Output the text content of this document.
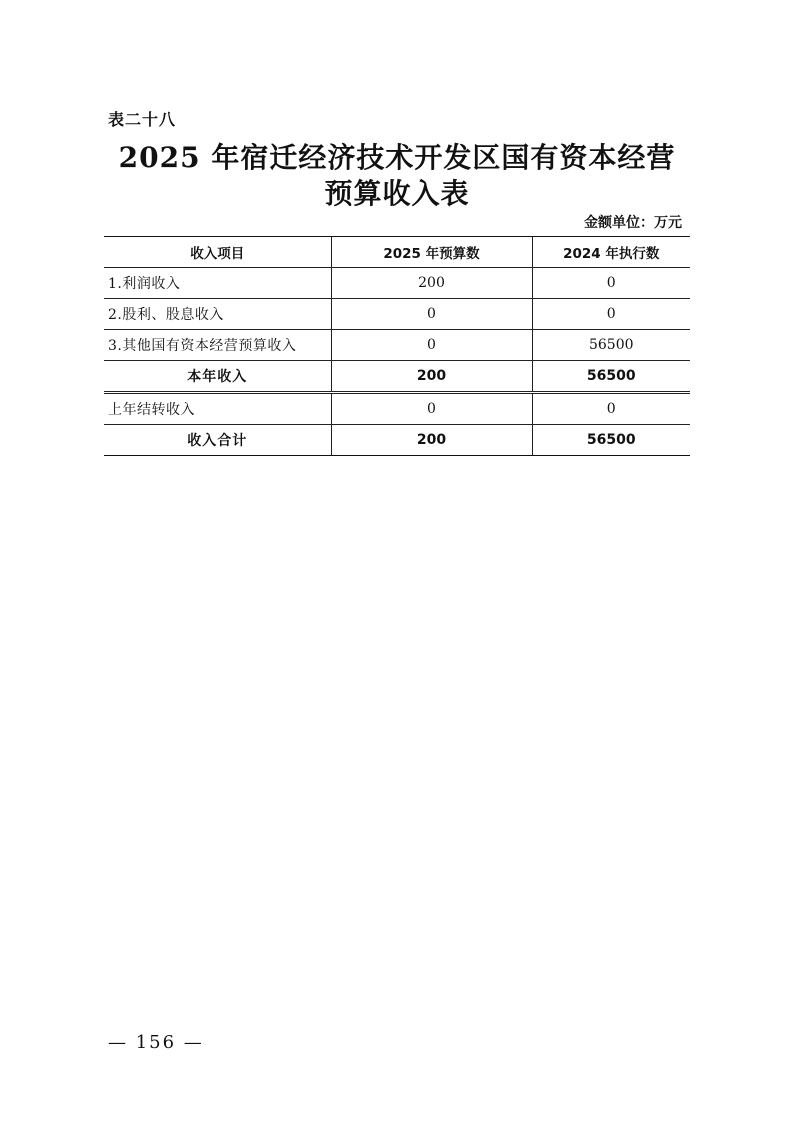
表二十八
2025 年宿迁经济技术开发区国有资本经营
预算收入表
金额单位：万元
收入项目	2025 年预算数	2024 年执行数
1.利润收入	200	0
2.股利、股息收入	0	0
3.其他国有资本经营预算收入	0	56500
本年收入	200	56500
上年结转收入	0	0
收入合计	200	56500
— 156 —
